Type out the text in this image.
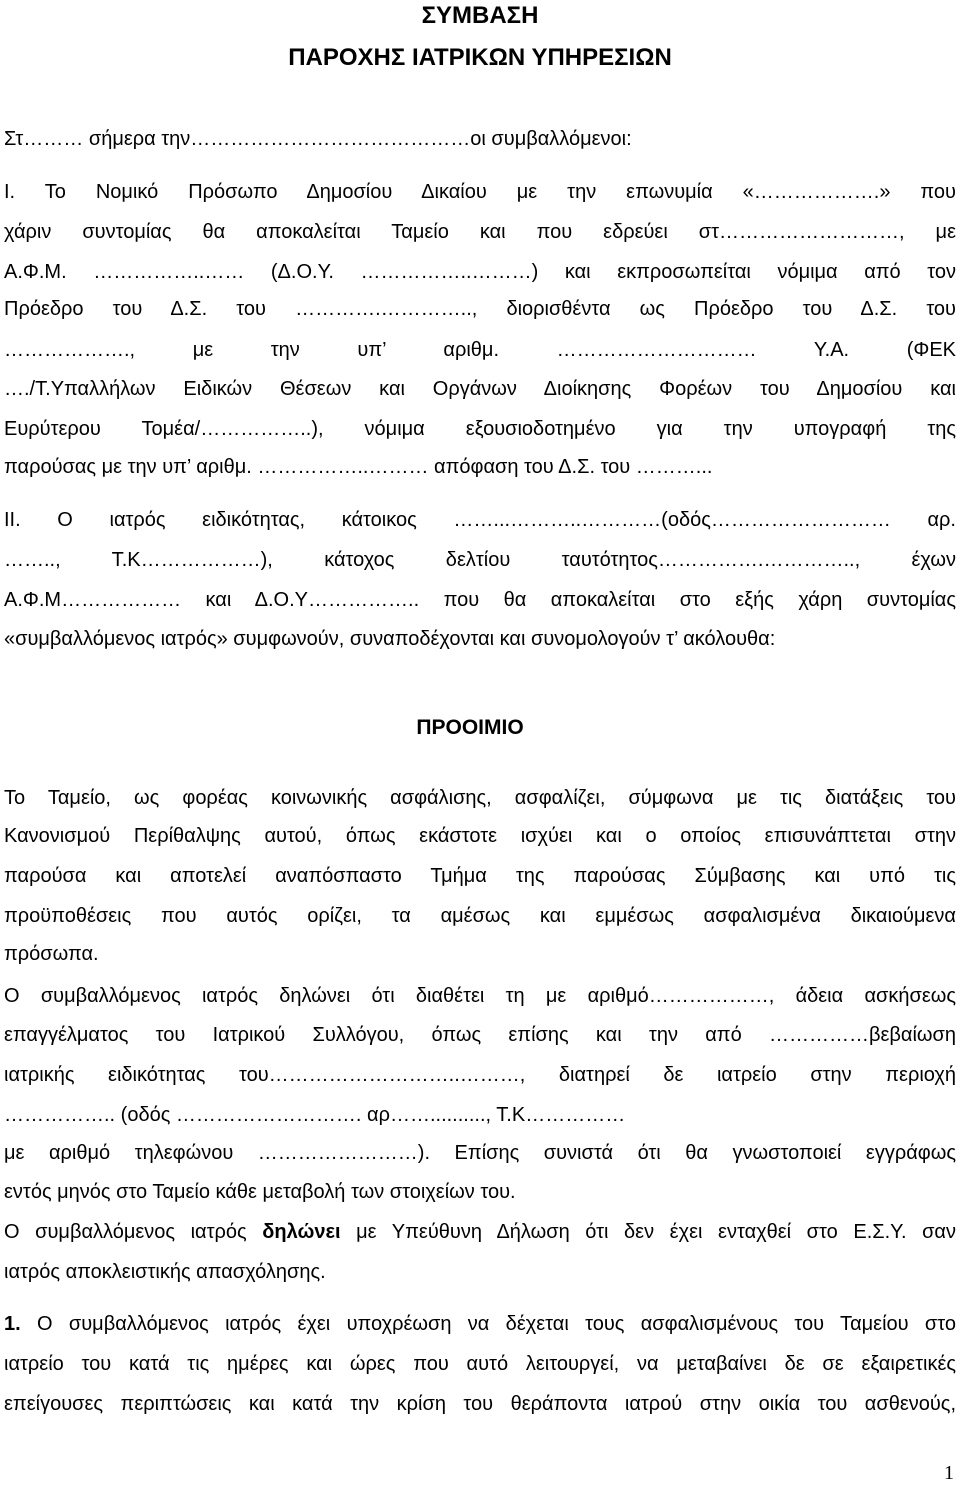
ΣΥΜΒΑΣΗ
ΠΑΡΟΧΗΣ ΙΑΤΡΙΚΩΝ ΥΠΗΡΕΣΙΩΝ
Στ……… σήμερα την……………………………………οι συμβαλλόμενοι:
Ι. Το Νομικό Πρόσωπο Δημοσίου Δικαίου με την επωνυμία «……………….» που
χάριν συντομίας θα αποκαλείται Ταμείο και που εδρεύει στ………………………, με
Α.Φ.Μ. ……………..…… (Δ.Ο.Υ. ……………..………) και εκπροσωπείται νόμιμα από τον
Πρόεδρο του Δ.Σ. του ………….………….., διορισθέντα ως Πρόεδρο του Δ.Σ. του
………………., με την υπ’ αριθμ. ………………………… Υ.Α. (ΦΕΚ
…./Τ.Υπαλλήλων Ειδικών Θέσεων και Οργάνων Διοίκησης Φορέων του Δημοσίου και
Ευρύτερου Τομέα/……………..), νόμιμα εξουσιοδοτημένο για την υπογραφή της
παρούσας με την υπ’ αριθμ. ……………..……… απόφαση του Δ.Σ. του ………...
ΙΙ. Ο ιατρός ειδικότητας, κάτοικος ……...………..…………(οδός……………………… αρ.
…….., Τ.Κ………………), κάτοχος δελτίου ταυτότητος…………….………….., έχων
Α.Φ.Μ……………… και Δ.Ο.Υ…………….. που θα αποκαλείται στο εξής χάρη συντομίας
«συμβαλλόμενος ιατρός» συμφωνούν, συναποδέχονται και συνομολογούν τ’ ακόλουθα:
ΠΡΟΟΙΜΙΟ
Το Ταμείο, ως φορέας κοινωνικής ασφάλισης, ασφαλίζει, σύμφωνα με τις διατάξεις του
Κανονισμού Περίθαλψης αυτού, όπως εκάστοτε ισχύει και ο οποίος επισυνάπτεται στην
παρούσα και αποτελεί αναπόσπαστο Τμήμα της παρούσας Σύμβασης και υπό τις
προϋποθέσεις που αυτός ορίζει, τα αμέσως και εμμέσως ασφαλισμένα δικαιούμενα
πρόσωπα.
Ο συμβαλλόμενος ιατρός δηλώνει ότι διαθέτει τη με αριθμό………………, άδεια ασκήσεως
επαγγέλματος του Ιατρικού Συλλόγου, όπως επίσης και την από ……………βεβαίωση
ιατρικής ειδικότητας του………………………..………, διατηρεί δε ιατρείο στην περιοχή
…………….. (οδός ………………………. αρ…….........., Τ.Κ……………
με αριθμό τηλεφώνου ……………………). Επίσης συνιστά ότι θα γνωστοποιεί εγγράφως
εντός μηνός στο Ταμείο κάθε μεταβολή των στοιχείων του.
Ο συμβαλλόμενος ιατρός δηλώνει με Υπεύθυνη Δήλωση ότι δεν έχει ενταχθεί στο Ε.Σ.Υ. σαν
ιατρός αποκλειστικής απασχόλησης.
1. Ο συμβαλλόμενος ιατρός έχει υποχρέωση να δέχεται τους ασφαλισμένους του Ταμείου στο
ιατρείο του κατά τις ημέρες και ώρες που αυτό λειτουργεί, να μεταβαίνει δε σε εξαιρετικές
επείγουσες περιπτώσεις και κατά την κρίση του θεράποντα ιατρού στην οικία του ασθενούς,
1
